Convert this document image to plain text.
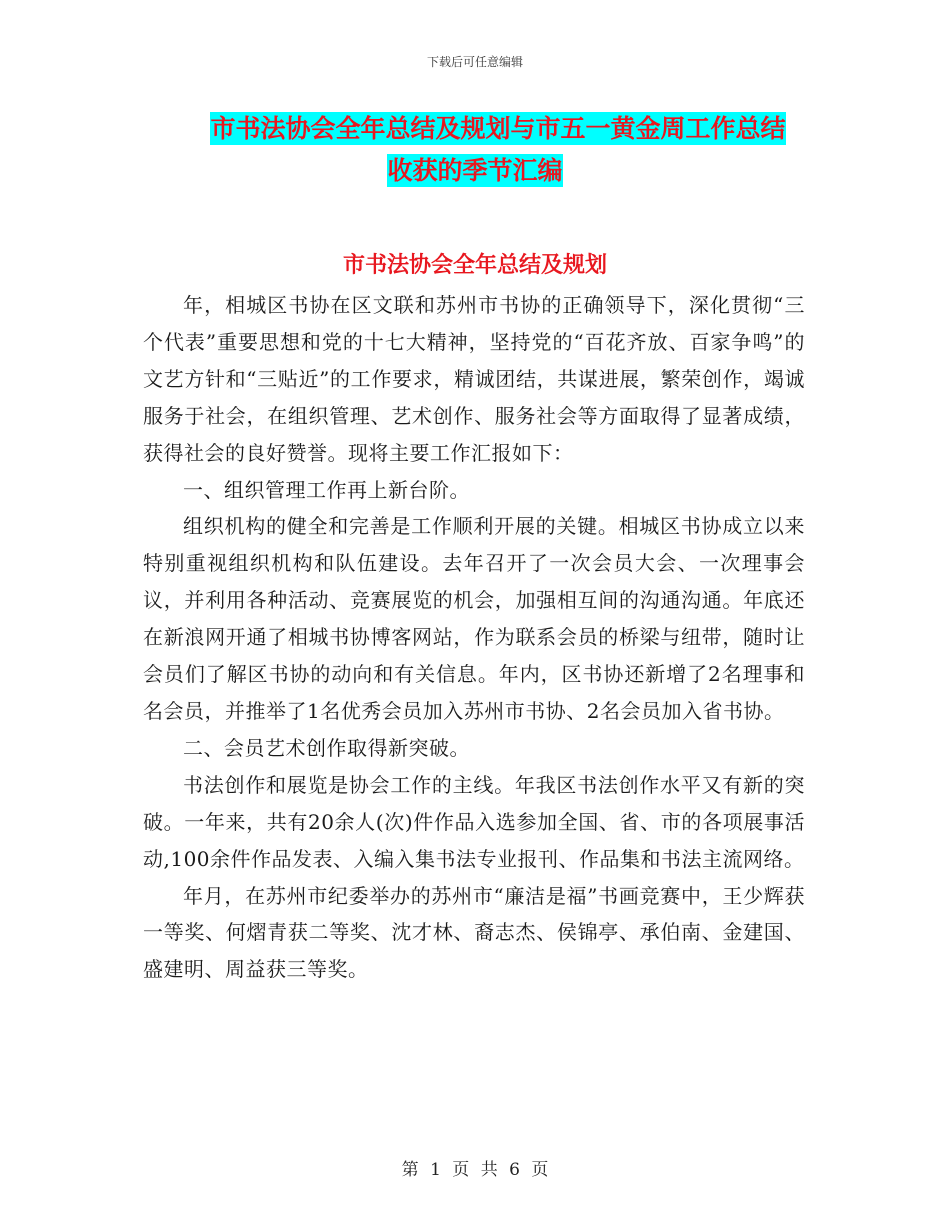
下载后可任意编辑
市书法协会全年总结及规划与市五一黄金周工作总结
收获的季节汇编
市书法协会全年总结及规划

年，相城区书协在区文联和苏州市书协的正确领导下，深化贯彻“三个代表”重要思想和党的十七大精神，坚持党的“百花齐放、百家争鸣”的文艺方针和“三贴近”的工作要求，精诚团结，共谋进展，繁荣创作，竭诚服务于社会，在组织管理、艺术创作、服务社会等方面取得了显著成绩，获得社会的良好赞誉。现将主要工作汇报如下：

一、组织管理工作再上新台阶。

组织机构的健全和完善是工作顺利开展的关键。相城区书协成立以来特别重视组织机构和队伍建设。去年召开了一次会员大会、一次理事会议，并利用各种活动、竞赛展览的机会，加强相互间的沟通沟通。年底还在新浪网开通了相城书协博客网站，作为联系会员的桥梁与纽带，随时让会员们了解区书协的动向和有关信息。年内，区书协还新增了2名理事和名会员，并推举了1名优秀会员加入苏州市书协、2名会员加入省书协。

二、会员艺术创作取得新突破。

书法创作和展览是协会工作的主线。年我区书法创作水平又有新的突破。一年来，共有20余人(次)件作品入选参加全国、省、市的各项展事活动,100余件作品发表、入编入集书法专业报刊、作品集和书法主流网络。

年月，在苏州市纪委举办的苏州市“廉洁是福”书画竞赛中，王少辉获一等奖、何熠青获二等奖、沈才林、裔志杰、侯锦亭、承伯南、金建国、盛建明、周益获三等奖。

第 1 页 共 6 页
